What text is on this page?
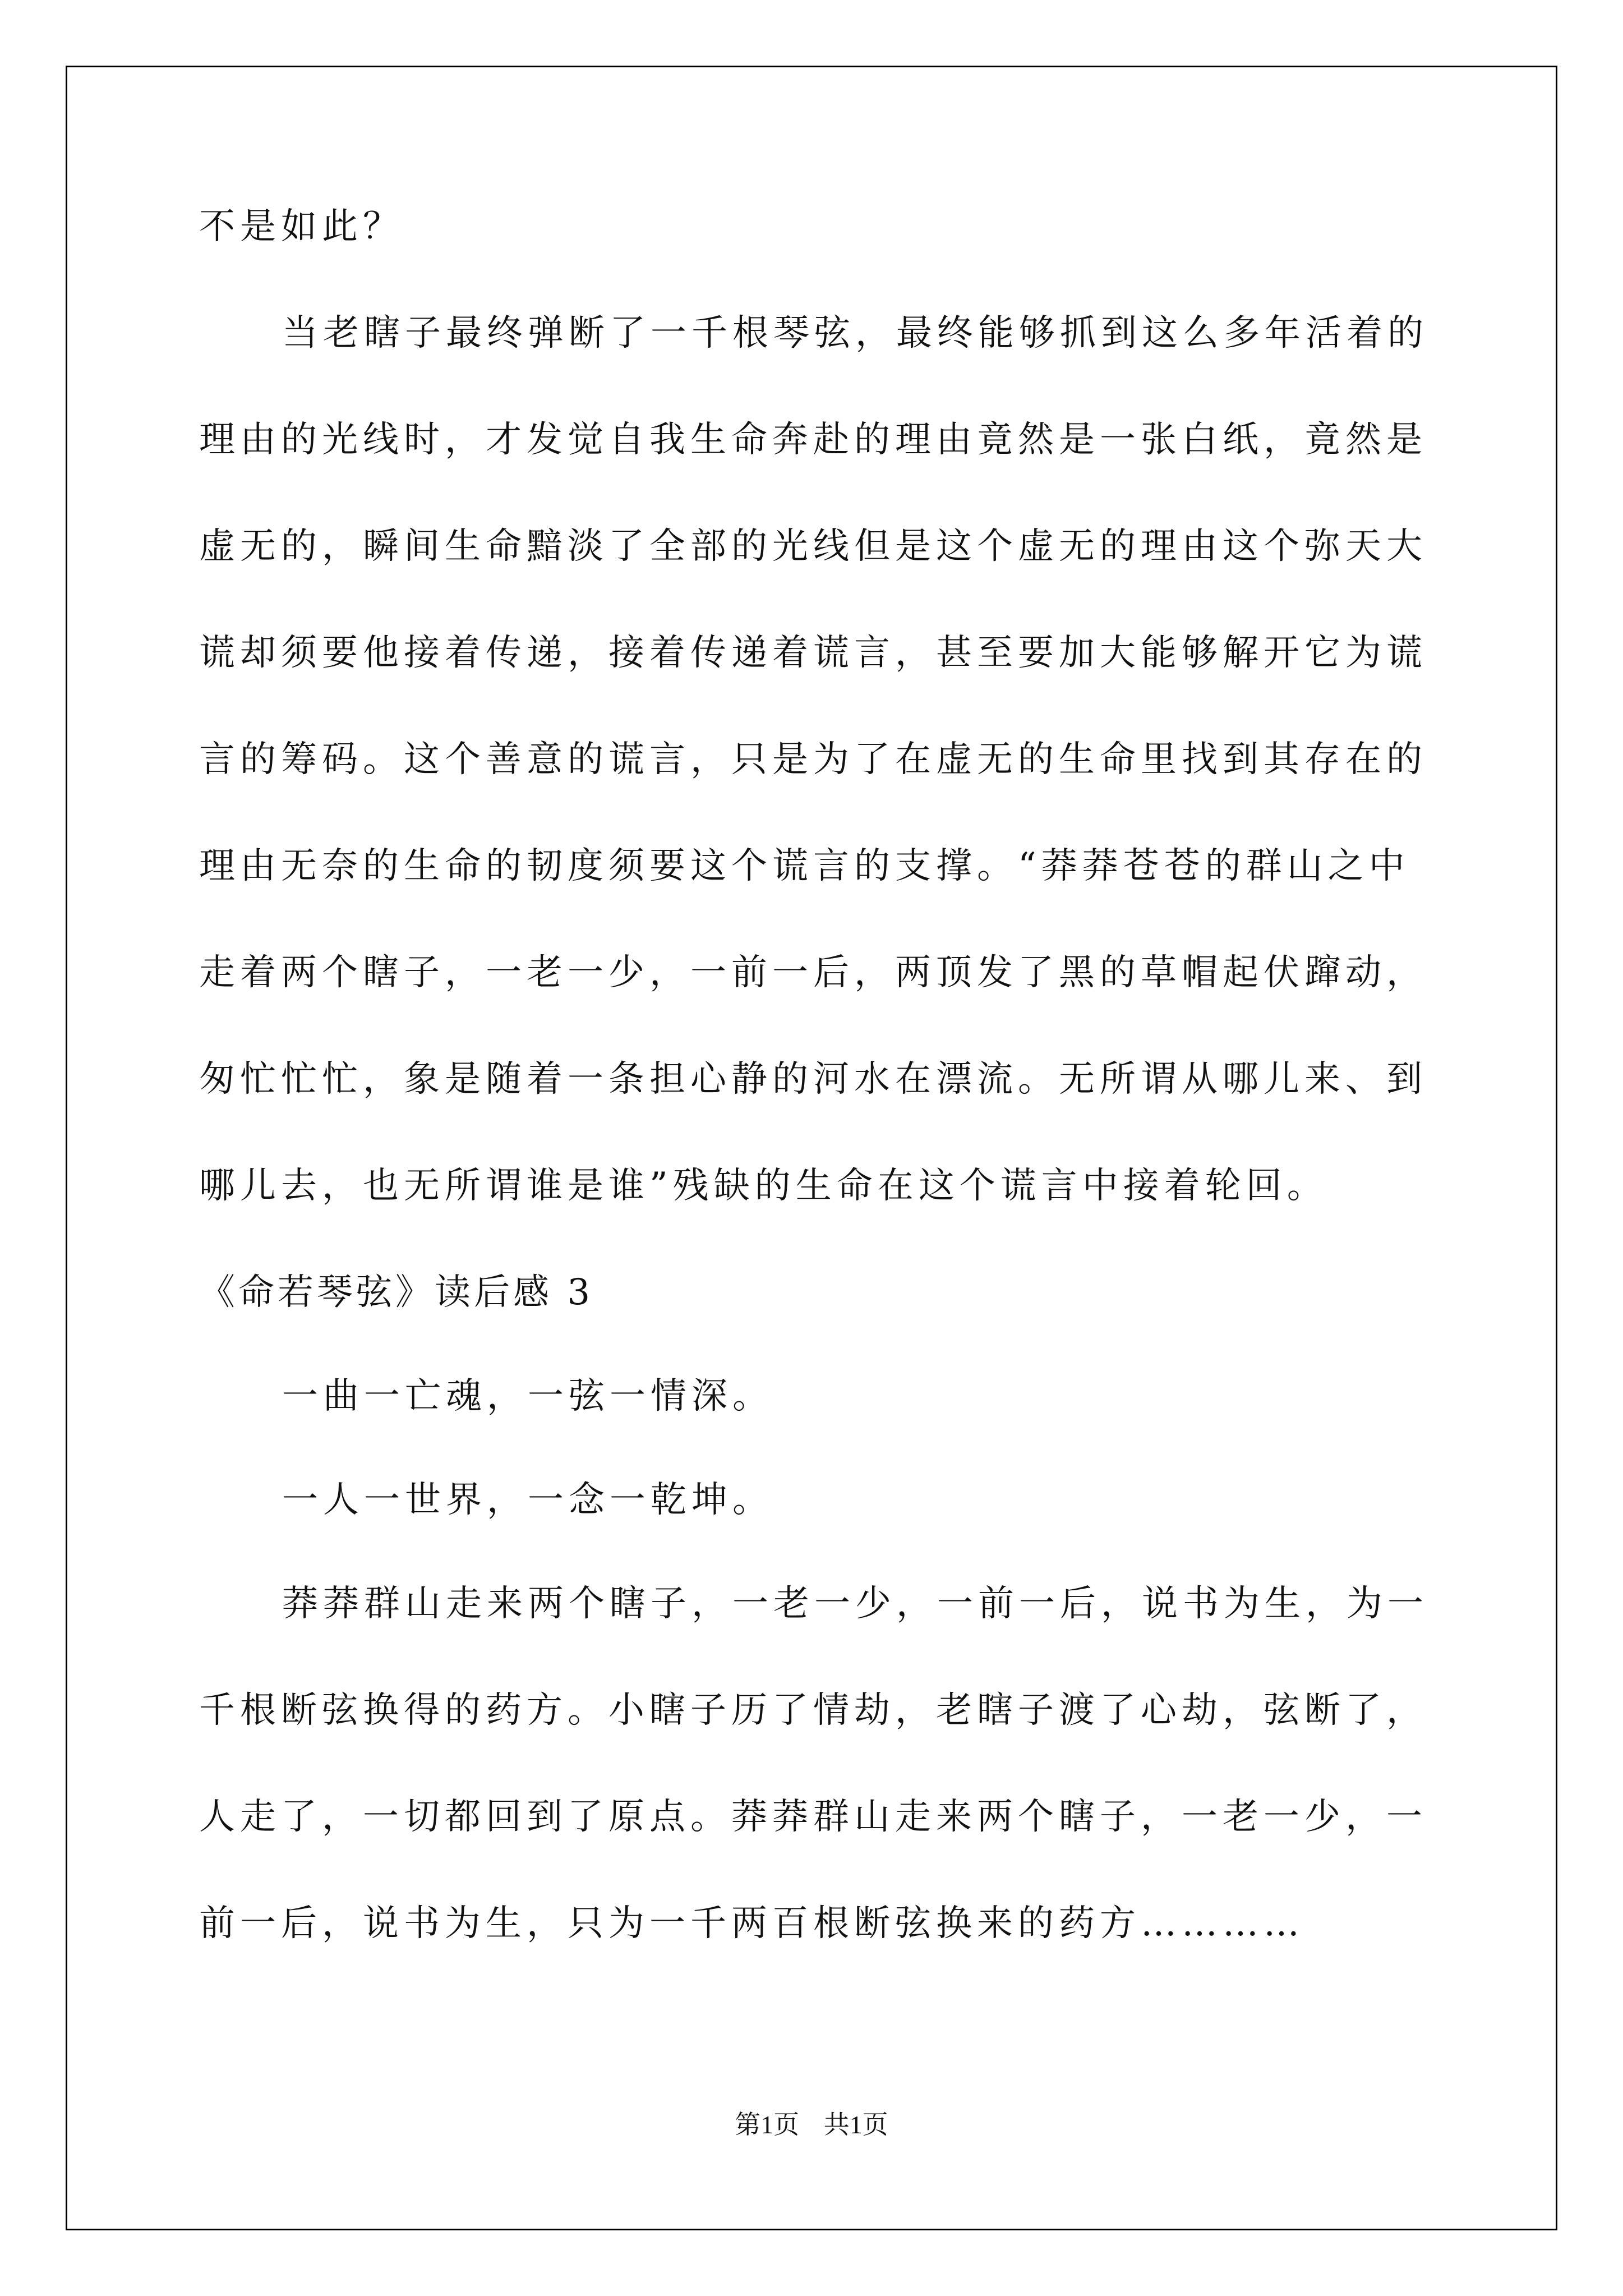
不是如此？
当老瞎子最终弹断了一千根琴弦，最终能够抓到这么多年活着的
理由的光线时，才发觉自我生命奔赴的理由竟然是一张白纸，竟然是
虚无的，瞬间生命黯淡了全部的光线但是这个虚无的理由这个弥天大
谎却须要他接着传递，接着传递着谎言，甚至要加大能够解开它为谎
言的筹码。这个善意的谎言，只是为了在虚无的生命里找到其存在的
理由无奈的生命的韧度须要这个谎言的支撑。“莽莽苍苍的群山之中
走着两个瞎子，一老一少，一前一后，两顶发了黑的草帽起伏蹿动，
匆忙忙忙，象是随着一条担心静的河水在漂流。无所谓从哪儿来、到
哪儿去，也无所谓谁是谁”残缺的生命在这个谎言中接着轮回。
《命若琴弦》读后感 3
一曲一亡魂，一弦一情深。
一人一世界，一念一乾坤。
莽莽群山走来两个瞎子，一老一少，一前一后，说书为生，为一
千根断弦换得的药方。小瞎子历了情劫，老瞎子渡了心劫，弦断了，
人走了，一切都回到了原点。莽莽群山走来两个瞎子，一老一少，一
前一后，说书为生，只为一千两百根断弦换来的药方…………
第1页 共1页
